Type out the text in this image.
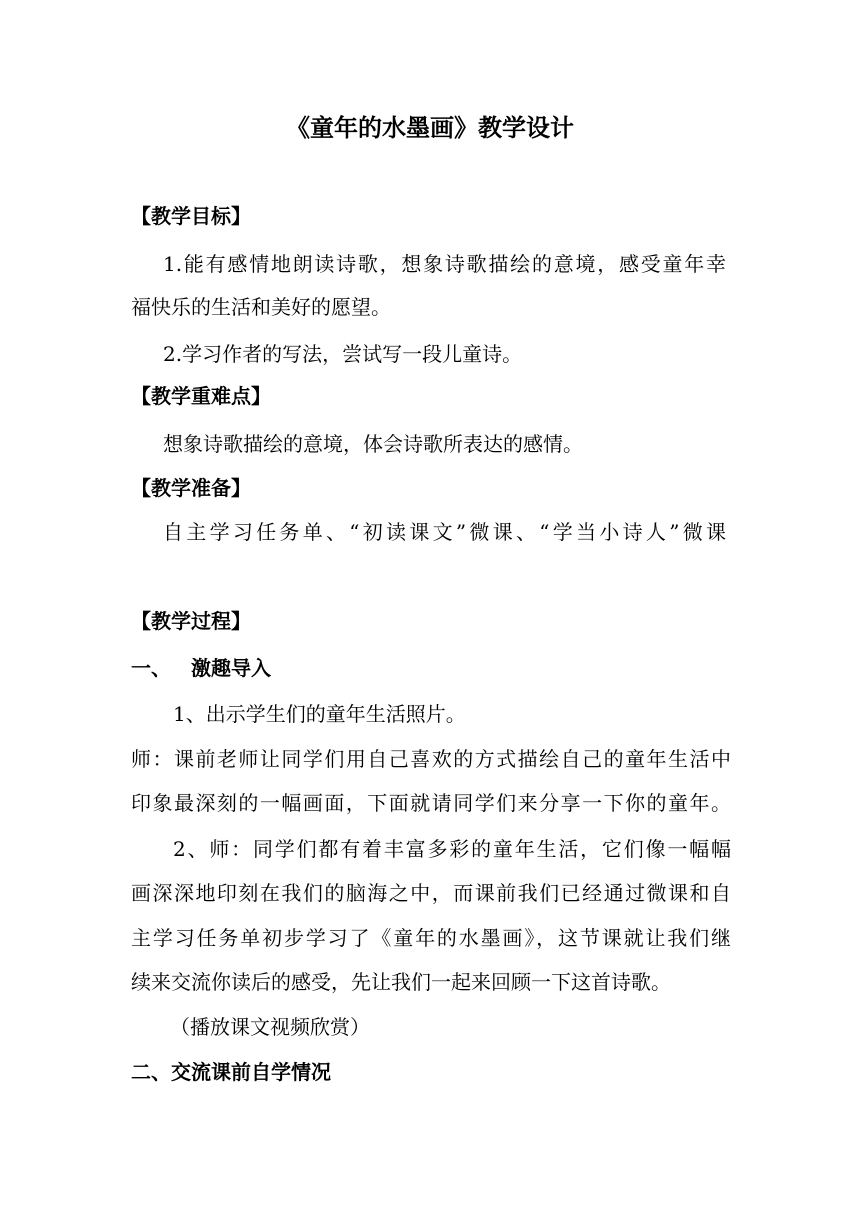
《童年的水墨画》教学设计
【教学目标】
1.能有感情地朗读诗歌，想象诗歌描绘的意境，感受童年幸
福快乐的生活和美好的愿望。
2.学习作者的写法，尝试写一段儿童诗。
【教学重难点】
想象诗歌描绘的意境，体会诗歌所表达的感情。
【教学准备】
自主学习任务单、“初读课文”微课、“学当小诗人”微课
【教学过程】
一、 激趣导入
1、出示学生们的童年生活照片。
师：课前老师让同学们用自己喜欢的方式描绘自己的童年生活中
印象最深刻的一幅画面，下面就请同学们来分享一下你的童年。
2、师：同学们都有着丰富多彩的童年生活，它们像一幅幅
画深深地印刻在我们的脑海之中，而课前我们已经通过微课和自
主学习任务单初步学习了《童年的水墨画》，这节课就让我们继
续来交流你读后的感受，先让我们一起来回顾一下这首诗歌。
（播放课文视频欣赏）
二、交流课前自学情况
